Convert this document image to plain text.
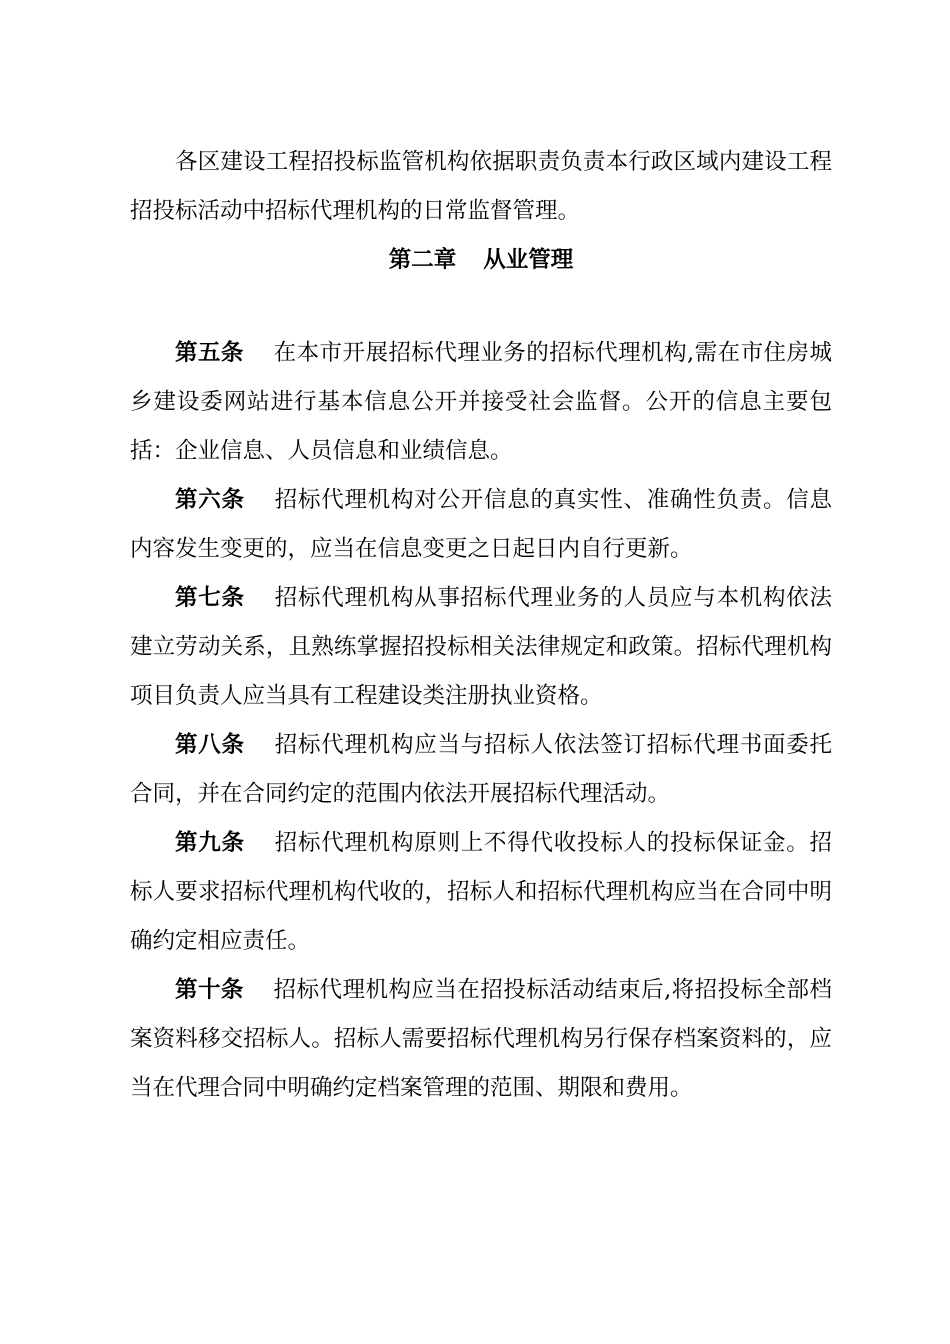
各区建设工程招投标监管机构依据职责负责本行政区域内建设工程招投标活动中招标代理机构的日常监督管理。

第二章 从业管理

第五条 在本市开展招标代理业务的招标代理机构,需在市住房城乡建设委网站进行基本信息公开并接受社会监督。公开的信息主要包括：企业信息、人员信息和业绩信息。

第六条 招标代理机构对公开信息的真实性、准确性负责。信息内容发生变更的，应当在信息变更之日起日内自行更新。

第七条 招标代理机构从事招标代理业务的人员应与本机构依法建立劳动关系，且熟练掌握招投标相关法律规定和政策。招标代理机构项目负责人应当具有工程建设类注册执业资格。

第八条 招标代理机构应当与招标人依法签订招标代理书面委托合同，并在合同约定的范围内依法开展招标代理活动。

第九条 招标代理机构原则上不得代收投标人的投标保证金。招标人要求招标代理机构代收的，招标人和招标代理机构应当在合同中明确约定相应责任。

第十条 招标代理机构应当在招投标活动结束后,将招投标全部档案资料移交招标人。招标人需要招标代理机构另行保存档案资料的，应当在代理合同中明确约定档案管理的范围、期限和费用。
